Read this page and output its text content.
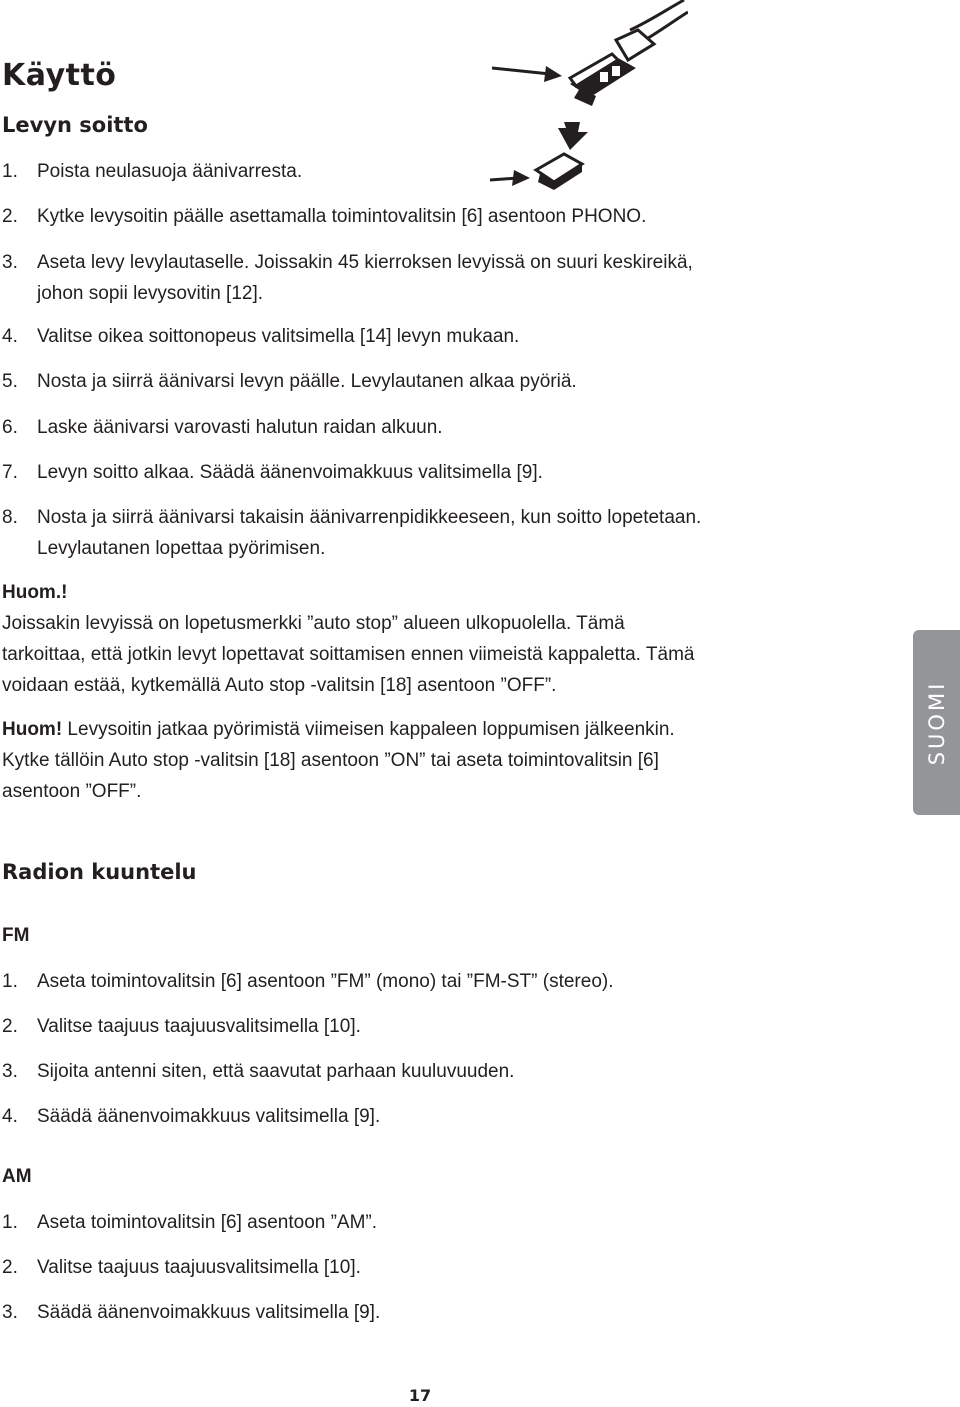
Käyttö
Levyn soitto
1. Poista neulasuoja äänivarresta.
2. Kytke levysoitin päälle asettamalla toimintovalitsin [6] asentoon PHONO.
3. Aseta levy levylautaselle. Joissakin 45 kierroksen levyissä on suuri keskireikä,
johon sopii levysovitin [12].
4. Valitse oikea soittonopeus valitsimella [14] levyn mukaan.
5. Nosta ja siirrä äänivarsi levyn päälle. Levylautanen alkaa pyöriä.
6. Laske äänivarsi varovasti halutun raidan alkuun.
7. Levyn soitto alkaa. Säädä äänenvoimakkuus valitsimella [9].
8. Nosta ja siirrä äänivarsi takaisin äänivarrenpidikkeeseen, kun soitto lopetetaan.
Levylautanen lopettaa pyörimisen.
Huom.!
Joissakin levyissä on lopetusmerkki ”auto stop” alueen ulkopuolella. Tämä
tarkoittaa, että jotkin levyt lopettavat soittamisen ennen viimeistä kappaletta. Tämä
voidaan estää, kytkemällä Auto stop -valitsin [18] asentoon ”OFF”.
Huom! Levysoitin jatkaa pyörimistä viimeisen kappaleen loppumisen jälkeenkin.
Kytke tällöin Auto stop -valitsin [18] asentoon ”ON” tai aseta toimintovalitsin [6]
asentoon ”OFF”.
SUOMI
Radion kuuntelu
FM
1. Aseta toimintovalitsin [6] asentoon ”FM” (mono) tai ”FM-ST” (stereo).
2. Valitse taajuus taajuusvalitsimella [10].
3. Sijoita antenni siten, että saavutat parhaan kuuluvuuden.
4. Säädä äänenvoimakkuus valitsimella [9].
AM
1. Aseta toimintovalitsin [6] asentoon ”AM”.
2. Valitse taajuus taajuusvalitsimella [10].
3. Säädä äänenvoimakkuus valitsimella [9].
17
